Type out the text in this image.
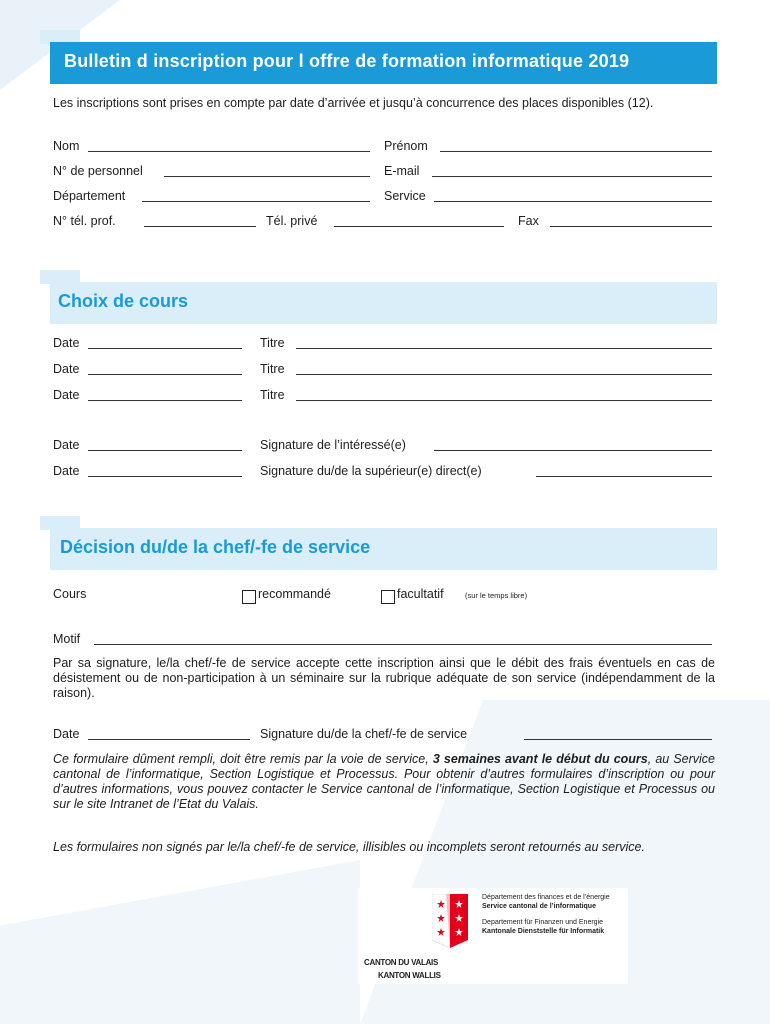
Bulletin d inscription pour l offre de formation informatique 2019
Les inscriptions sont prises en compte par date d’arrivée et jusqu’à concurrence des places disponibles (12).
Nom	Prénom
N° de personnel	E-mail
Département	Service
N° tél. prof.	Tél. privé	Fax
Choix de cours
Date	Titre
Date	Titre
Date	Titre
Date	Signature de l’intéressé(e)
Date	Signature du/de la supérieur(e) direct(e)
Décision du/de la chef/-fe de service
Cours	recommandé	facultatif	(sur le temps libre)
Motif
Par sa signature, le/la chef/-fe de service accepte cette inscription ainsi que le débit des frais éventuels en cas de désistement ou de non-participation à un séminaire sur la rubrique adéquate de son service (indépendamment de la raison).
Date	Signature du/de la chef/-fe de service
Ce formulaire dûment rempli, doit être remis par la voie de service, 3 semaines avant le début du cours, au Service cantonal de l’informatique, Section Logistique et Processus. Pour obtenir d’autres formulaires d’inscription ou pour d’autres informations, vous pouvez contacter le Service cantonal de l’informatique, Section Logistique et Processus ou sur le site Intranet de l’Etat du Valais.
Les formulaires non signés par le/la chef/-fe de service, illisibles ou incomplets seront retournés au service.
Département des finances et de l’énergie
Service cantonal de l’informatique
Departement für Finanzen und Energie
Kantonale Dienststelle für Informatik
CANTON DU VALAIS
KANTON WALLIS
